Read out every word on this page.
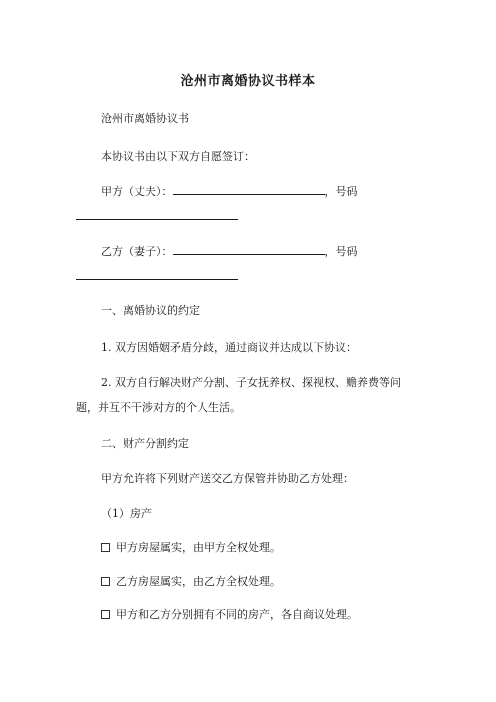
沧州市离婚协议书样本
沧州市离婚协议书
本协议书由以下双方自愿签订：
甲方（丈夫）：	，号码
乙方（妻子）：	，号码
一、离婚协议的约定
1. 双方因婚姻矛盾分歧，通过商议并达成以下协议：
2. 双方自行解决财产分割、子女抚养权、探视权、赡养费等问
题，并互不干涉对方的个人生活。
二、财产分割约定
甲方允许将下列财产送交乙方保管并协助乙方处理：
（1）房产
甲方房屋属实，由甲方全权处理。
乙方房屋属实，由乙方全权处理。
甲方和乙方分别拥有不同的房产，各自商议处理。
